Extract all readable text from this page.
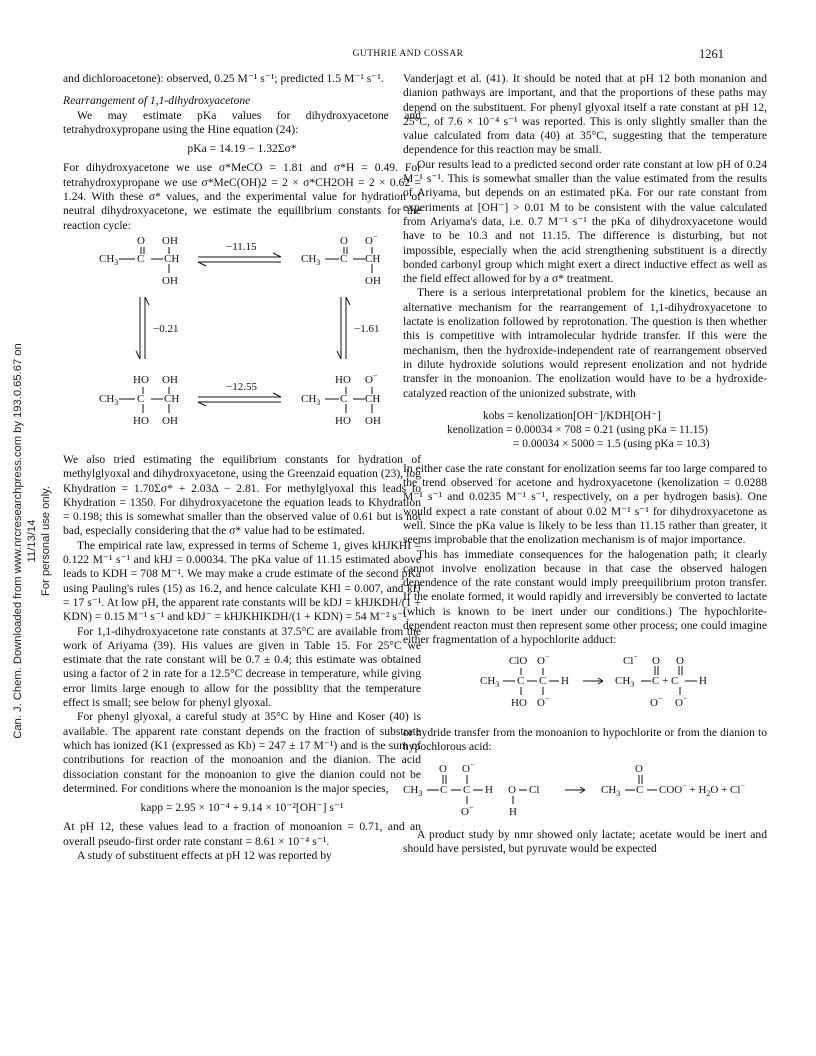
GUTHRIE AND COSSAR	1261
Can. J. Chem. Downloaded from www.nrcresearchpress.com by 193.0.65.67 on 11/13/14 For personal use only.

and dichloroacetone): observed, 0.25 M⁻¹ s⁻¹; predicted 1.5 M⁻¹ s⁻¹.

Rearrangement of 1,1-dihydroxyacetone

We may estimate pKa values for dihydroxyacetone and tetrahydroxypropane using the Hine equation (24):

pKa = 14.19 − 1.32Σσ*

For dihydroxyacetone we use σ*MeCO = 1.81 and σ*H = 0.49. For tetrahydroxypropane we use σ*MeC(OH)2 = 2 × σ*CH2OH = 2 × 0.62 = 1.24. With these σ* values, and the experimental value for hydration of neutral dihydroxyacetone, we estimate the equilibrium constants for the reaction cycle:

O OH
$CH_3$ C CH
OH
O O−
$CH_3$ C CH
OH
−11.15
−0.21	−1.61
HO OH
$CH_3$ C CH
HO OH
HO O−
$CH_3$ C CH
HO OH
−12.55

We also tried estimating the equilibrium constants for hydration of methylglyoxal and dihydroxyacetone, using the Greenzaid equation (23), log Khydration = 1.70Σσ* + 2.03Δ − 2.81. For methylglyoxal this leads to Khydration = 1350. For dihydroxyacetone the equation leads to Khydration = 0.198; this is somewhat smaller than the observed value of 0.61 but is not bad, especially considering that the σ* value had to be estimated.

The empirical rate law, expressed in terms of Scheme 1, gives kHJKHI = 0.122 M⁻¹ s⁻¹ and kHJ = 0.00034. The pKa value of 11.15 estimated above leads to KDH = 708 M⁻¹. We may make a crude estimate of the second pKa using Pauling's rules (15) as 16.2, and hence calculate KHI = 0.007, and kIJ = 17 s⁻¹. At low pH, the apparent rate constants will be kDJ = kHJKDH/(1 + KDN) = 0.15 M⁻¹ s⁻¹ and kDJ⁻ = kHJKHIKDH/(1 + KDN) = 54 M⁻² s⁻¹.

For 1,1-dihydroxyacetone rate constants at 37.5°C are available from the work of Ariyama (39). His values are given in Table 15. For 25°C we estimate that the rate constant will be 0.7 ± 0.4; this estimate was obtained using a factor of 2 in rate for a 12.5°C decrease in temperature, while giving error limits large enough to allow for the possiblity that the temperature effect is small; see below for phenyl glyoxal.

For phenyl glyoxal, a careful study at 35°C by Hine and Koser (40) is available. The apparent rate constant depends on the fraction of substrate which has ionized (K1 (expressed as Kb) = 247 ± 17 M⁻¹) and is the sum of contributions for reaction of the monoanion and the dianion. The acid dissociation constant for the monoanion to give the dianion could not be determined. For conditions where the monoanion is the major species,

kapp = 2.95 × 10⁻⁴ + 9.14 × 10⁻²[OH⁻] s⁻¹

At pH 12, these values lead to a fraction of monoanion = 0.71, and an overall pseudo-first order rate constant = 8.61 × 10⁻⁴ s⁻¹.

A study of substituent effects at pH 12 was reported by

Vanderjagt et al. (41). It should be noted that at pH 12 both monanion and dianion pathways are important, and that the proportions of these paths may depend on the substituent. For phenyl glyoxal itself a rate constant at pH 12, 25°C, of 7.6 × 10⁻⁴ s⁻¹ was reported. This is only slightly smaller than the value calculated from data (40) at 35°C, suggesting that the temperature dependence for this reaction may be small.

Our results lead to a predicted second order rate constant at low pH of 0.24 M⁻¹ s⁻¹. This is somewhat smaller than the value estimated from the results of Ariyama, but depends on an estimated pKa. For our rate constant from experiments at [OH⁻] > 0.01 M to be consistent with the value calculated from Ariyama's data, i.e. 0.7 M⁻¹ s⁻¹ the pKa of dihydroxyacetone would have to be 10.3 and not 11.15. The difference is disturbing, but not impossible, especially when the acid strengthening substituent is a directly bonded carbonyl group which might exert a direct inductive effect as well as the field effect allowed for by a σ* treatment.

There is a serious interpretational problem for the kinetics, because an alternative mechanism for the rearrangement of 1,1-dihydroxyacetone to lactate is enolization followed by reprotonation. The question is then whether this is competitive with intramolecular hydride transfer. If this were the mechanism, then the hydroxide-independent rate of rearrangement observed in dilute hydroxide solutions would represent enolization and not hydride transfer in the monoanion. The enolization would have to be a hydroxide-catalyzed reaction of the unionized substrate, with

kobs = kenolization[OH⁻]/KDH[OH⁻]
kenolization = 0.00034 × 708 = 0.21 (using pKa = 11.15)
= 0.00034 × 5000 = 1.5 (using pKa = 10.3)

In either case the rate constant for enolization seems far too large compared to the trend observed for acetone and hydroxyacetone (kenolization = 0.0288 M⁻¹ s⁻¹ and 0.0235 M⁻¹ s⁻¹, respectively, on a per hydrogen basis). One would expect a rate constant of about 0.02 M⁻¹ s⁻¹ for dihydroxyacetone as well. Since the pKa value is likely to be less than 11.15 rather than greater, it seems improbable that the enolization mechanism is of major importance.

This has immediate consequences for the halogenation path; it clearly cannot involve enolization because in that case the observed halogen dependence of the rate constant would imply preequilibrium proton transfer. If the enolate formed, it would rapidly and irreversibly be converted to lactate (which is known to be inert under our conditions.) The hypochlorite-dependent reacton must then represent some other process; one could imagine either fragmentation of a hypochlorite adduct:

ClO O−
$CH_3$ C C H
HO O−
Cl− O O
$CH_3$ C + C H
O− O−

or hydride transfer from the monoanion to hypochlorite or from the dianion to hypochlorous acid:

O O−
$CH_3$ C C H
O−
O Cl
H
O
$CH_3$ C $COO^- + H_2O + Cl^-$

A product study by nmr showed only lactate; acetate would be inert and should have persisted, but pyruvate would be expected
